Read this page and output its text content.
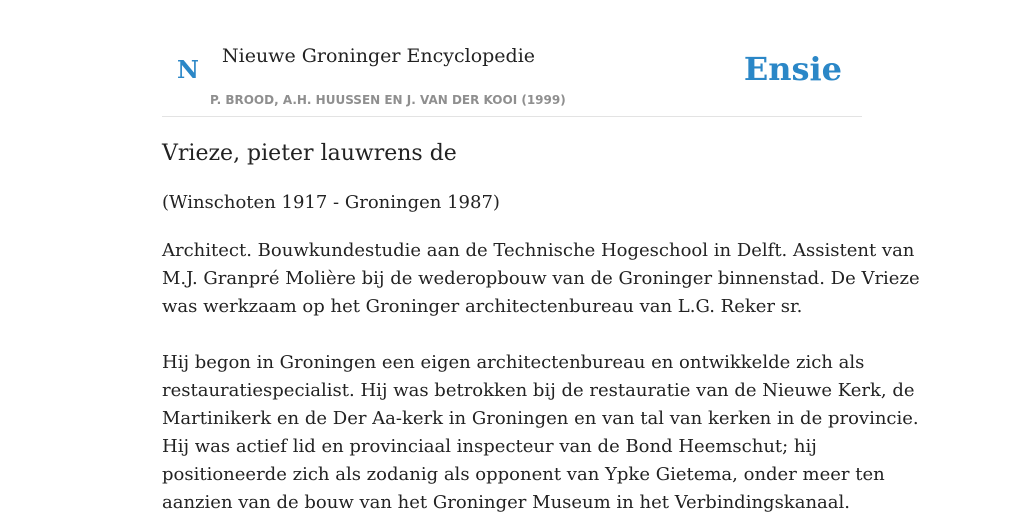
N Nieuwe Groninger Encyclopedie
P. BROOD, A.H. HUUSSEN EN J. VAN DER KOOI (1999)
Ensie
Vrieze, pieter lauwrens de

(Winschoten 1917 - Groningen 1987)

Architect. Bouwkundestudie aan de Technische Hogeschool in Delft. Assistent van
M.J. Granpré Molière bij de wederopbouw van de Groninger binnenstad. De Vrieze
was werkzaam op het Groninger architectenbureau van L.G. Reker sr.

Hij begon in Groningen een eigen architectenbureau en ontwikkelde zich als
restauratiespecialist. Hij was betrokken bij de restauratie van de Nieuwe Kerk, de
Martinikerk en de Der Aa-kerk in Groningen en van tal van kerken in de provincie.
Hij was actief lid en provinciaal inspecteur van de Bond Heemschut; hij
positioneerde zich als zodanig als opponent van Ypke Gietema, onder meer ten
aanzien van de bouw van het Groninger Museum in het Verbindingskanaal.
